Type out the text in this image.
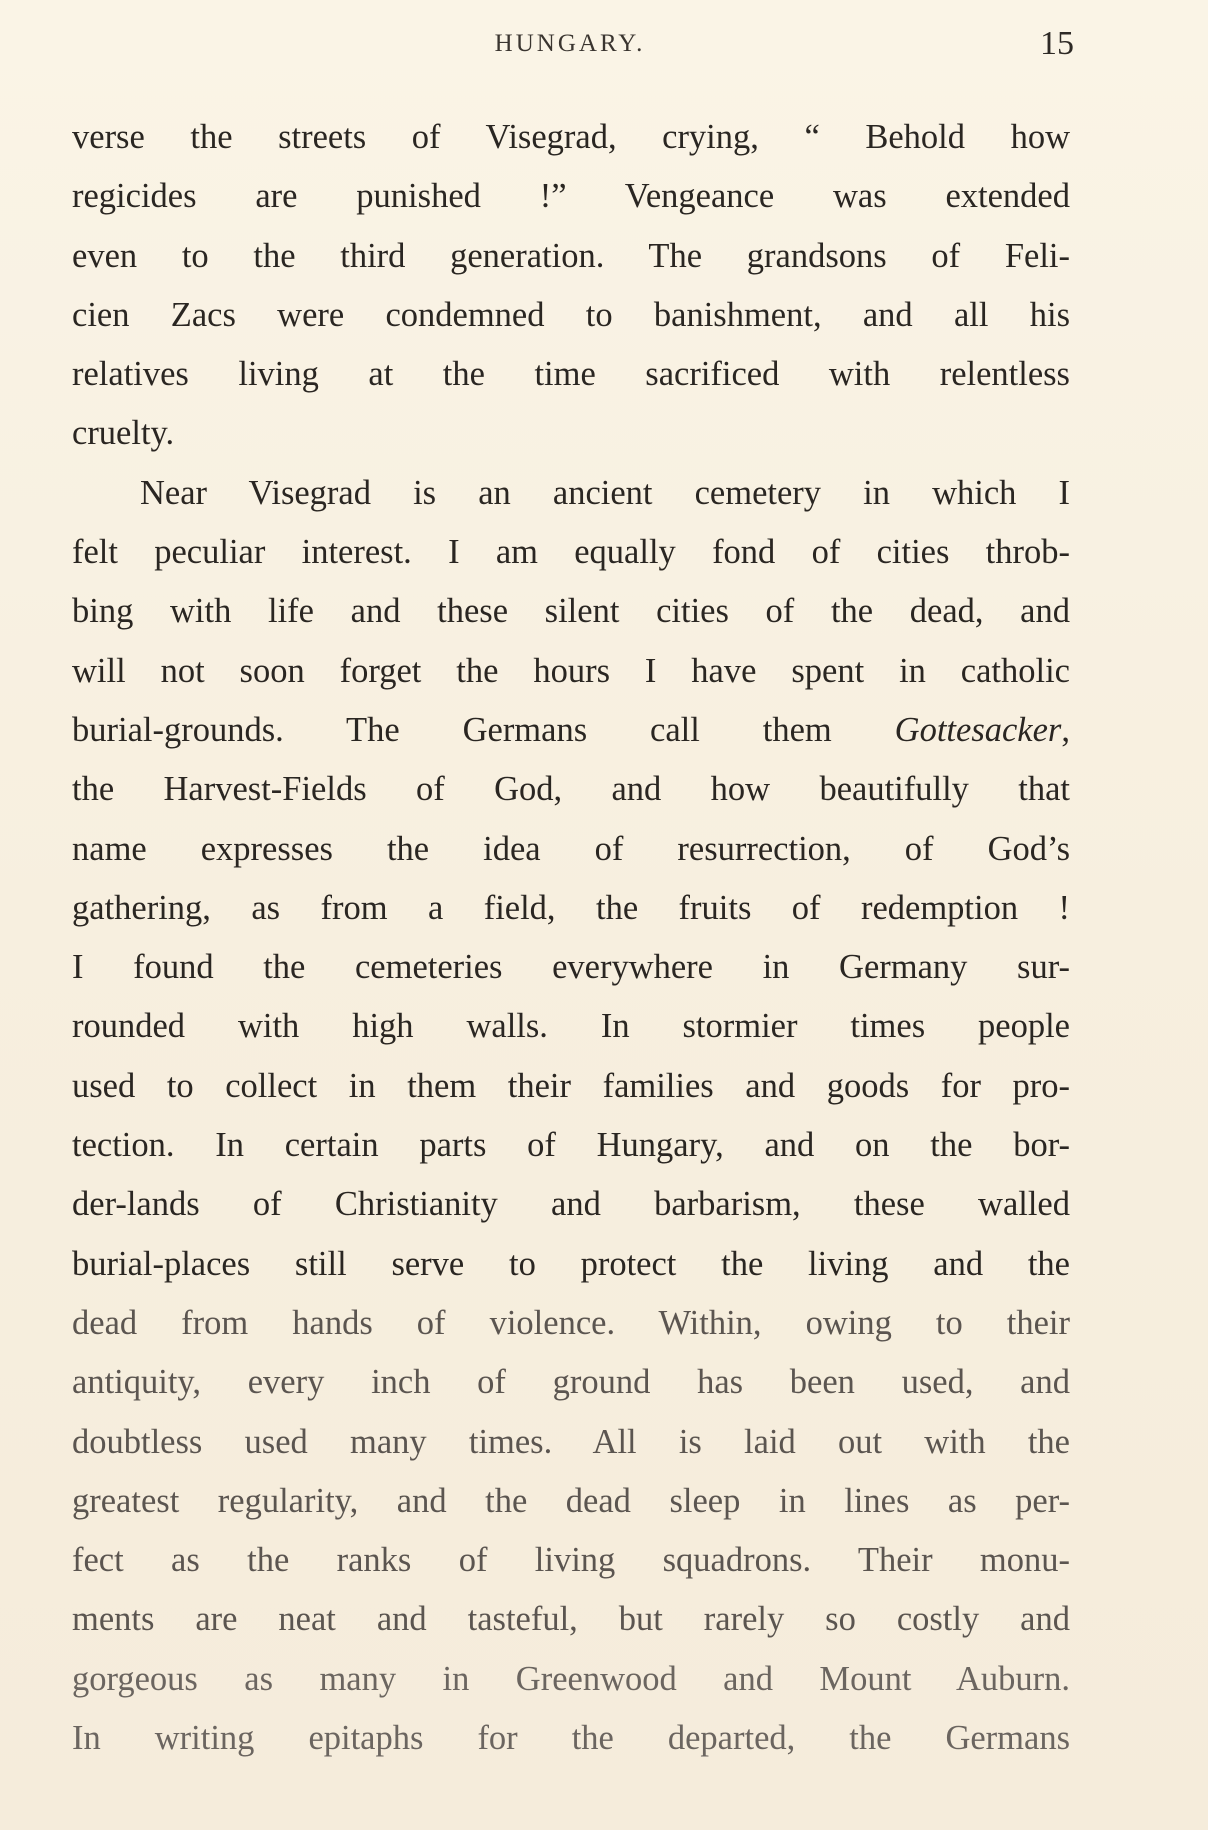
HUNGARY.	15
verse the streets of Visegrad, crying, “ Behold how
regicides are punished !” Vengeance was extended
even to the third generation. The grandsons of Feli-
cien Zacs were condemned to banishment, and all his
relatives living at the time sacrificed with relentless
cruelty.
Near Visegrad is an ancient cemetery in which I
felt peculiar interest. I am equally fond of cities throb-
bing with life and these silent cities of the dead, and
will not soon forget the hours I have spent in catholic
burial-grounds. The Germans call them Gottesacker,
the Harvest-Fields of God, and how beautifully that
name expresses the idea of resurrection, of God’s
gathering, as from a field, the fruits of redemption !
I found the cemeteries everywhere in Germany sur-
rounded with high walls. In stormier times people
used to collect in them their families and goods for pro-
tection. In certain parts of Hungary, and on the bor-
der-lands of Christianity and barbarism, these walled
burial-places still serve to protect the living and the
dead from hands of violence. Within, owing to their
antiquity, every inch of ground has been used, and
doubtless used many times. All is laid out with the
greatest regularity, and the dead sleep in lines as per-
fect as the ranks of living squadrons. Their monu-
ments are neat and tasteful, but rarely so costly and
gorgeous as many in Greenwood and Mount Auburn.
In writing epitaphs for the departed, the Germans
